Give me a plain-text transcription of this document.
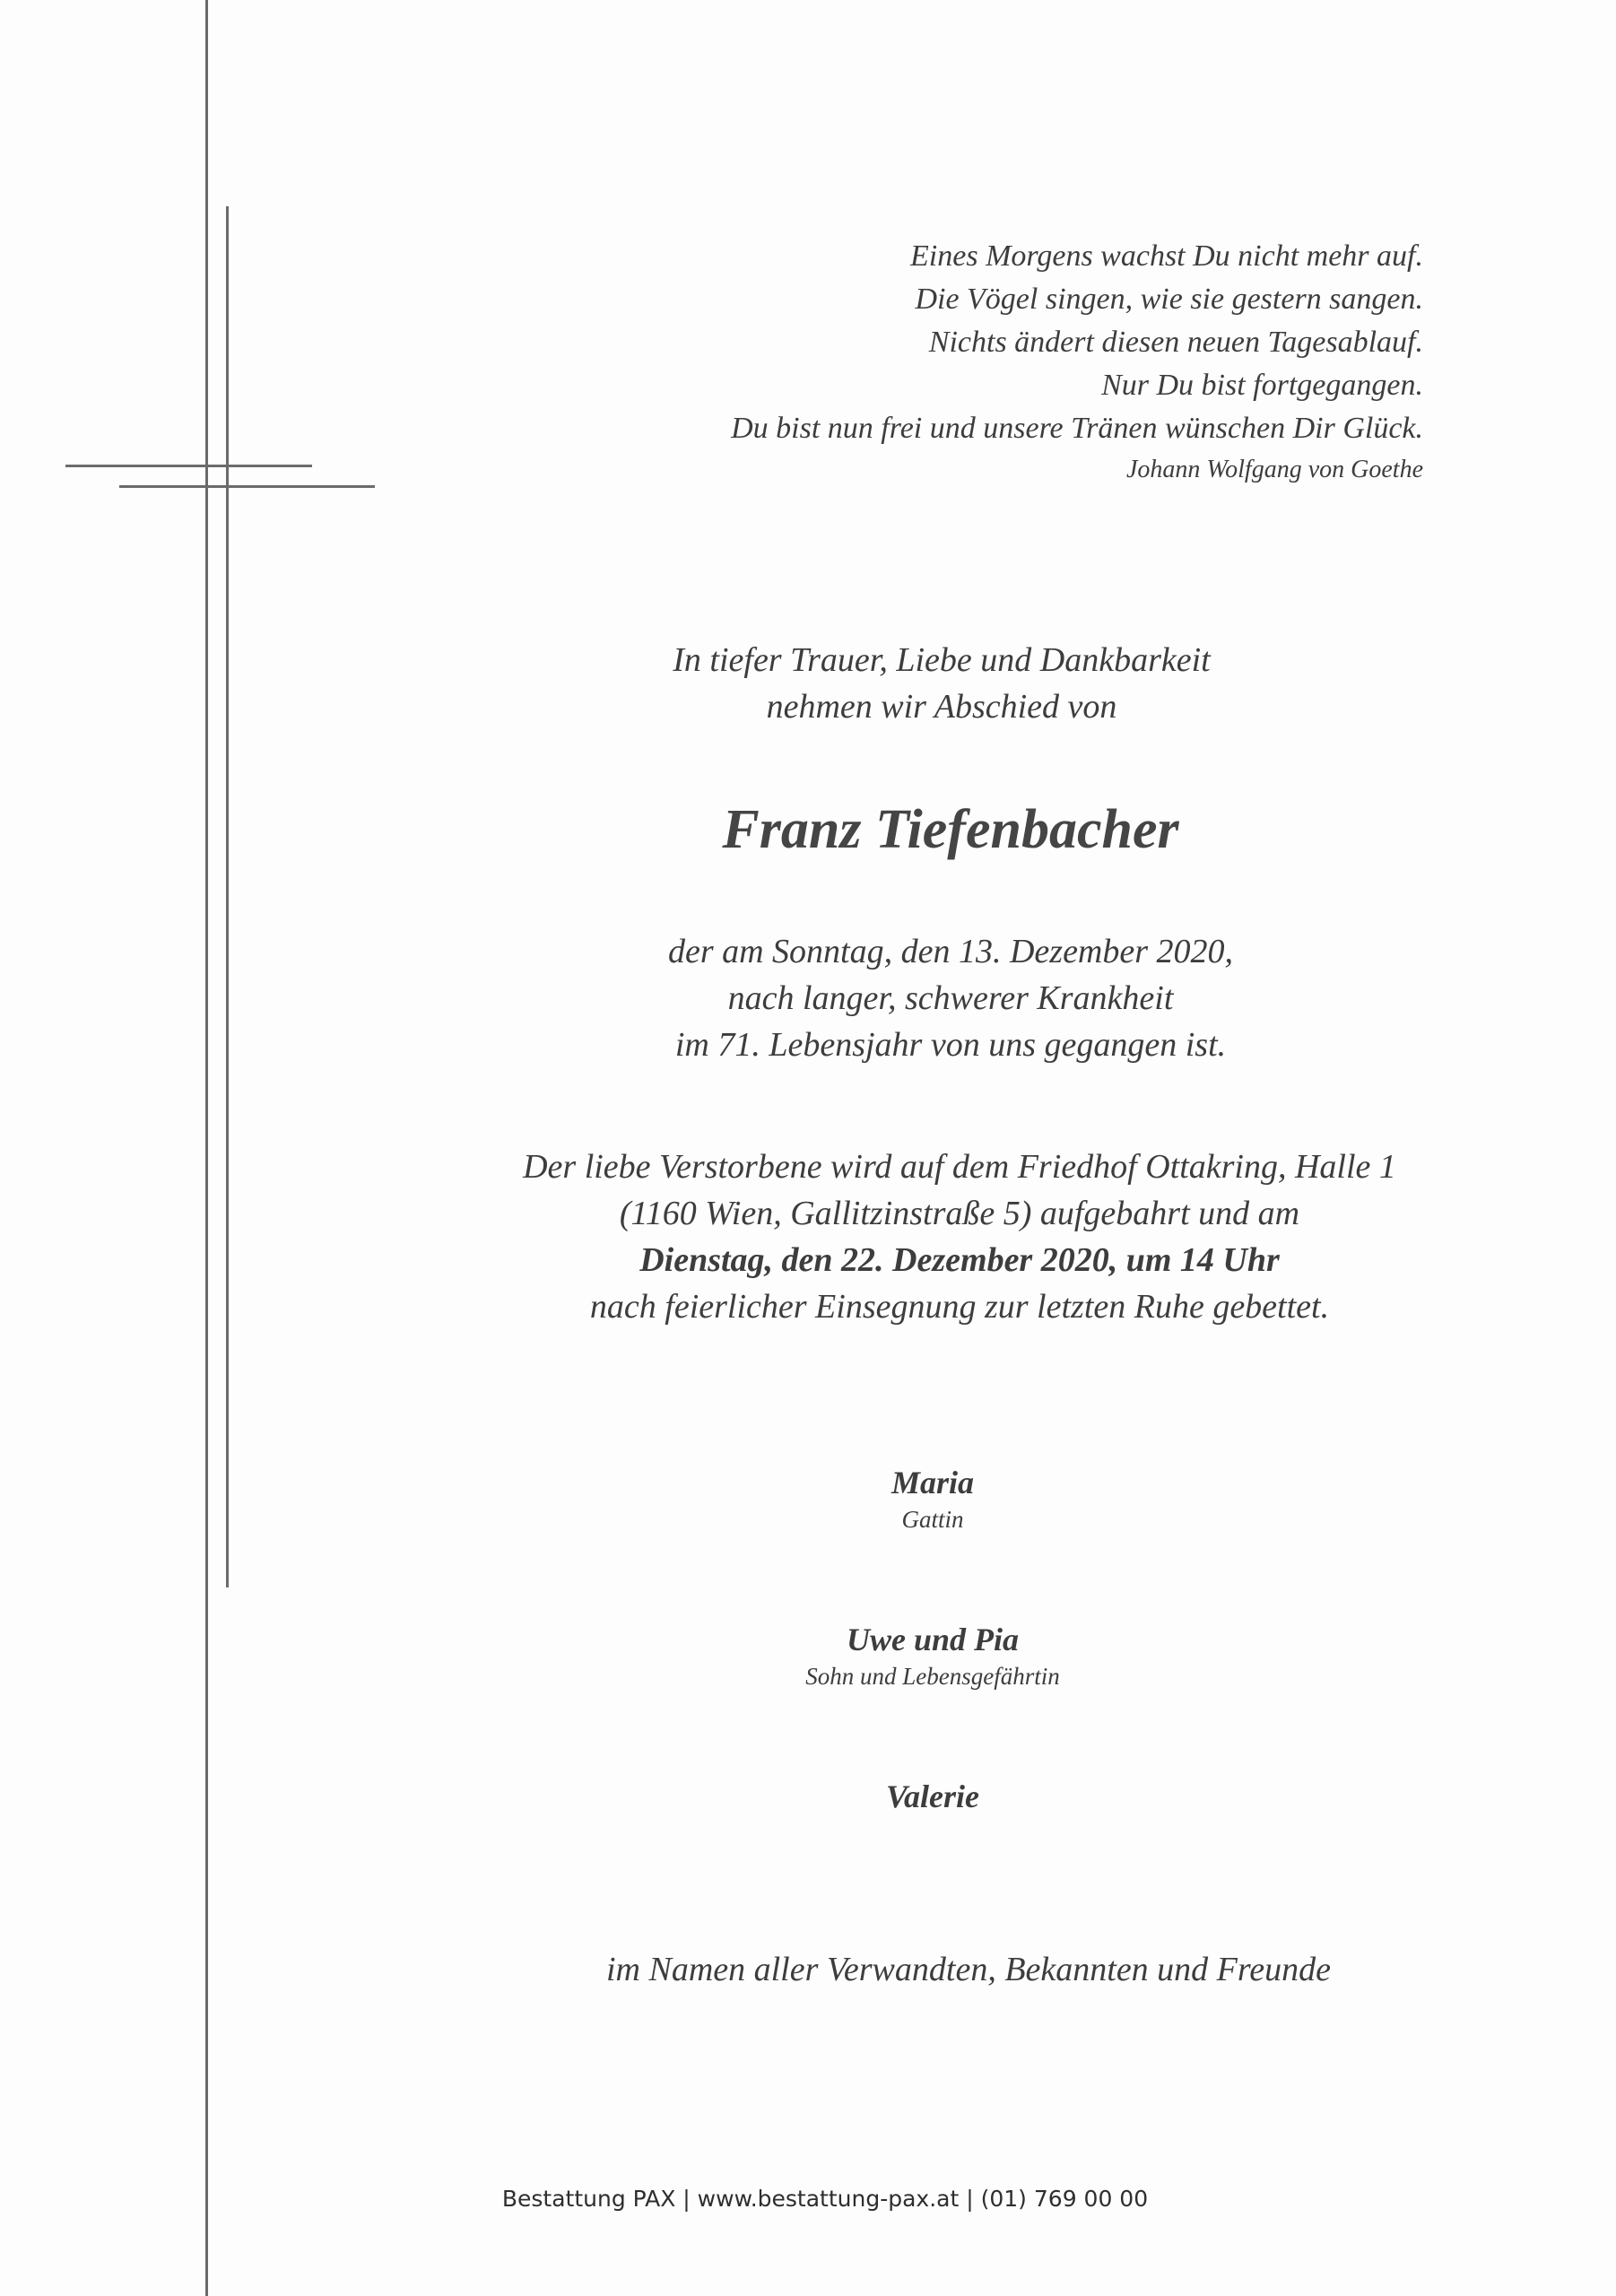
Eines Morgens wachst Du nicht mehr auf.
Die Vögel singen, wie sie gestern sangen.
Nichts ändert diesen neuen Tagesablauf.
Nur Du bist fortgegangen.
Du bist nun frei und unsere Tränen wünschen Dir Glück.
Johann Wolfgang von Goethe
In tiefer Trauer, Liebe und Dankbarkeit
nehmen wir Abschied von
Franz Tiefenbacher
der am Sonntag, den 13. Dezember 2020,
nach langer, schwerer Krankheit
im 71. Lebensjahr von uns gegangen ist.
Der liebe Verstorbene wird auf dem Friedhof Ottakring, Halle 1
(1160 Wien, Gallitzinstraße 5) aufgebahrt und am
Dienstag, den 22. Dezember 2020, um 14 Uhr
nach feierlicher Einsegnung zur letzten Ruhe gebettet.
Maria
Gattin
Uwe und Pia
Sohn und Lebensgefährtin
Valerie
im Namen aller Verwandten, Bekannten und Freunde
Bestattung PAX | www.bestattung-pax.at | (01) 769 00 00
